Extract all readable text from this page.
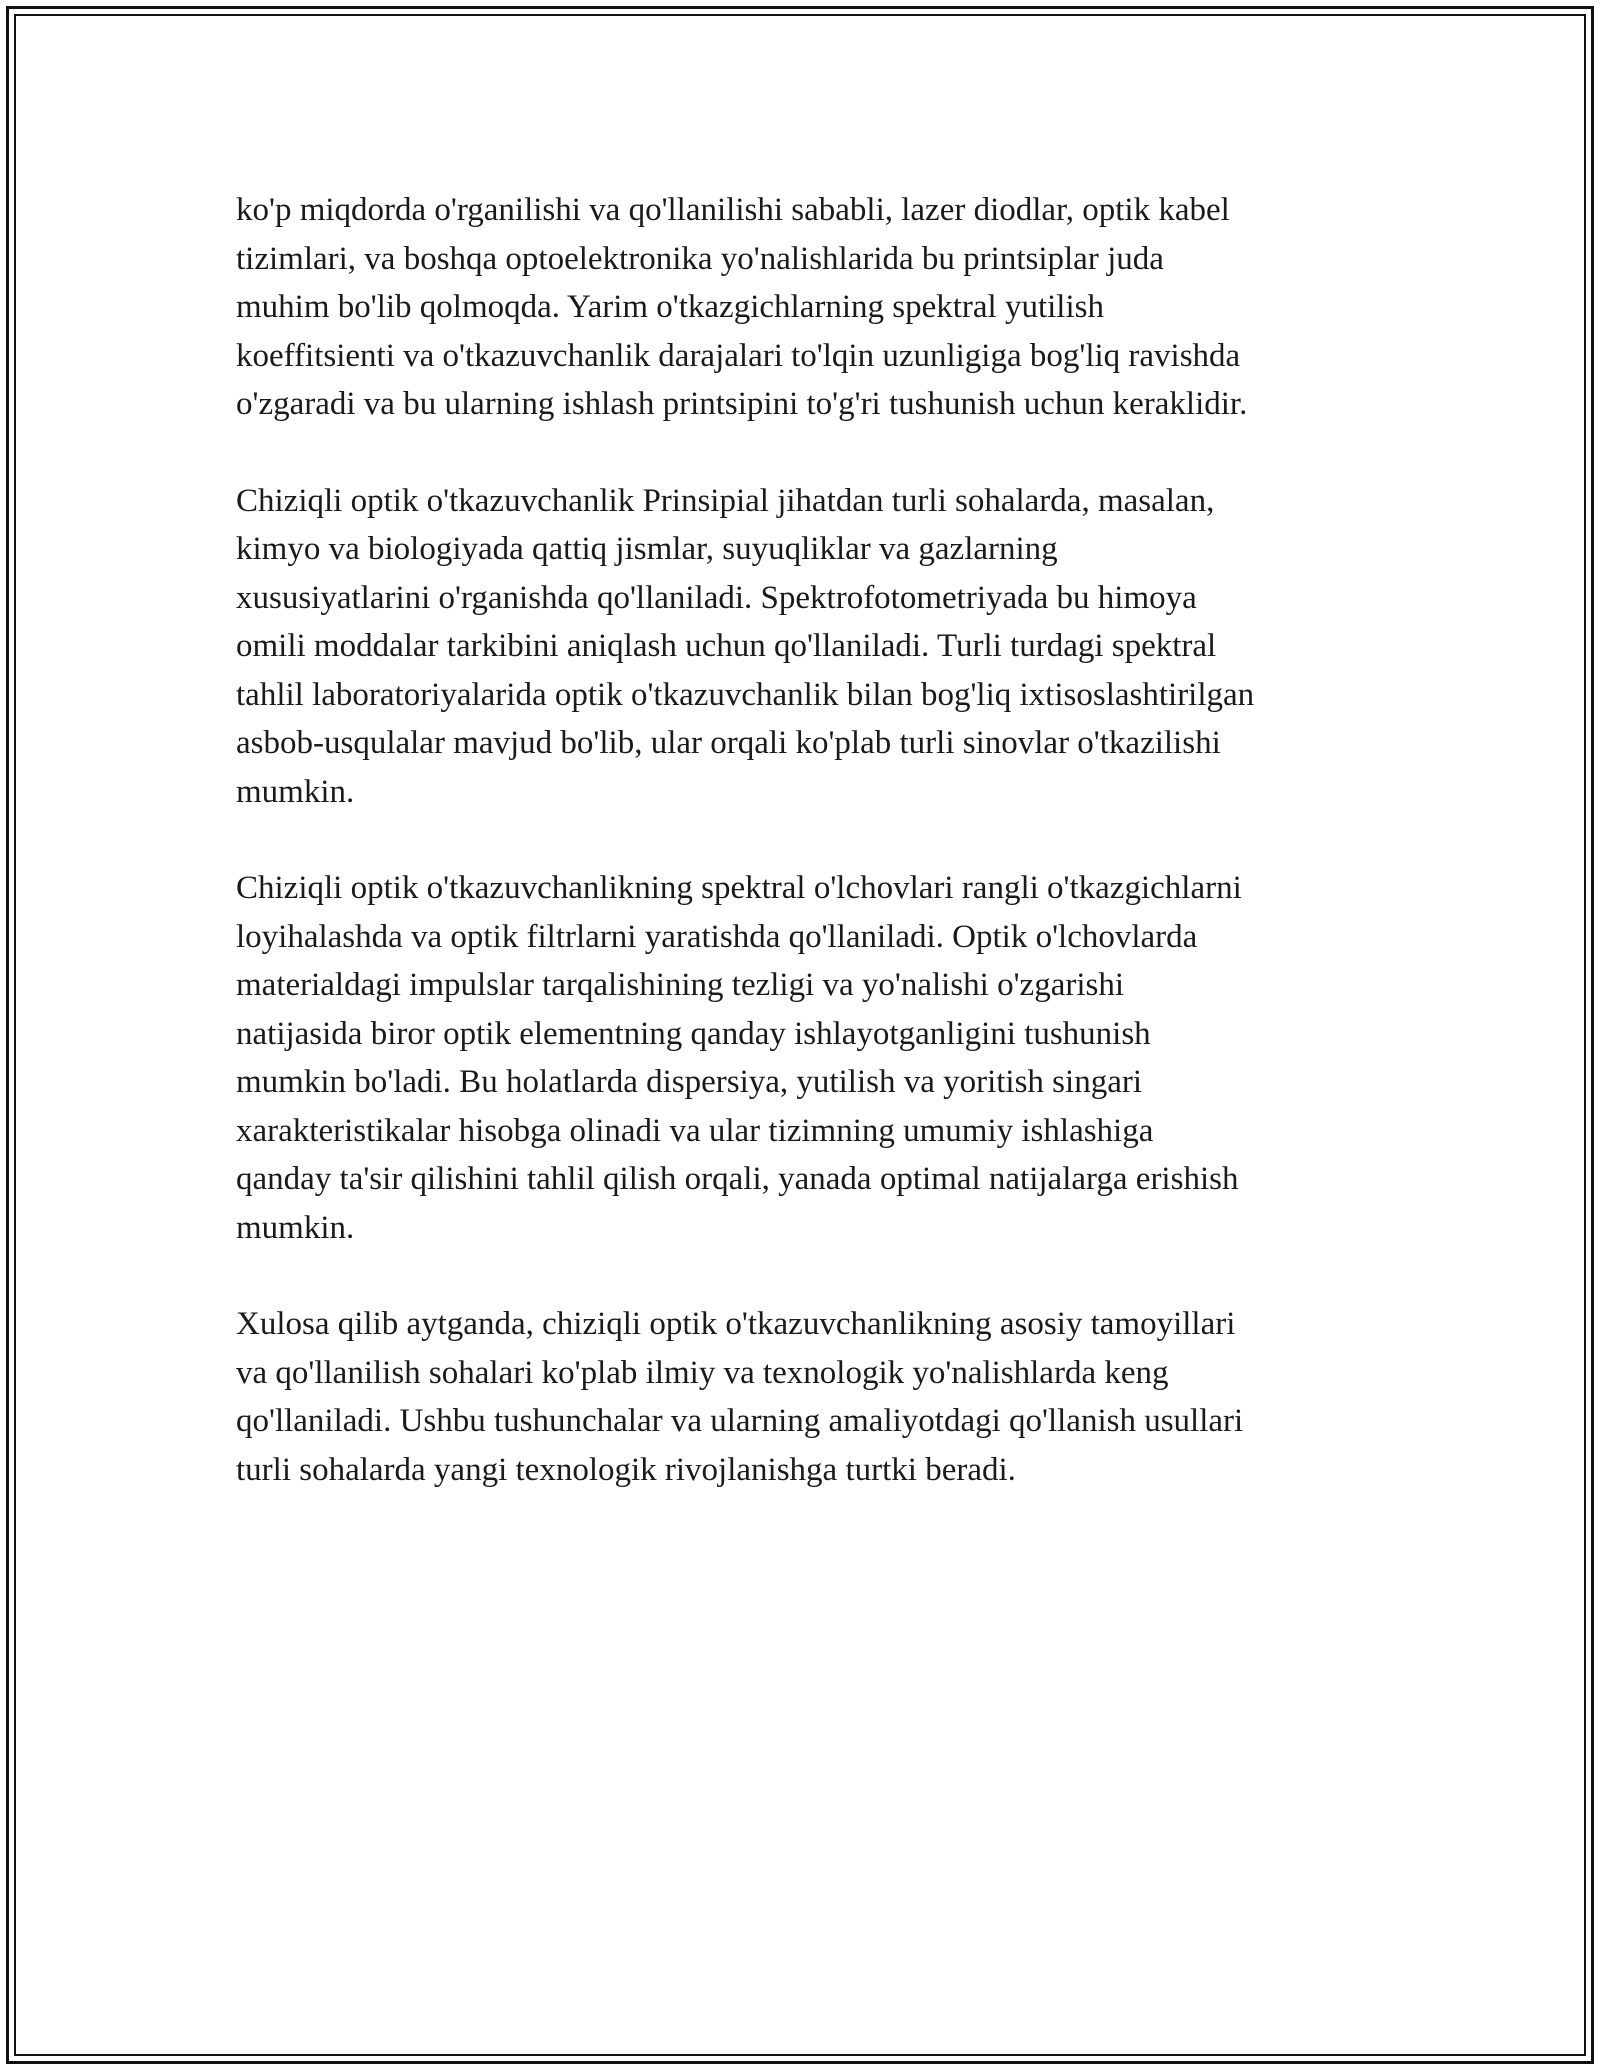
ko'p miqdorda o'rganilishi va qo'llanilishi sababli, lazer diodlar, optik kabel
tizimlari, va boshqa optoelektronika yo'nalishlarida bu printsiplar juda
muhim bo'lib qolmoqda. Yarim o'tkazgichlarning spektral yutilish
koeffitsienti va o'tkazuvchanlik darajalari to'lqin uzunligiga bog'liq ravishda
o'zgaradi va bu ularning ishlash printsipini to'g'ri tushunish uchun keraklidir.

Chiziqli optik o'tkazuvchanlik Prinsipial jihatdan turli sohalarda, masalan,
kimyo va biologiyada qattiq jismlar, suyuqliklar va gazlarning
xususiyatlarini o'rganishda qo'llaniladi. Spektrofotometriyada bu himoya
omili moddalar tarkibini aniqlash uchun qo'llaniladi. Turli turdagi spektral
tahlil laboratoriyalarida optik o'tkazuvchanlik bilan bog'liq ixtisoslashtirilgan
asbob-usqulalar mavjud bo'lib, ular orqali ko'plab turli sinovlar o'tkazilishi
mumkin.

Chiziqli optik o'tkazuvchanlikning spektral o'lchovlari rangli o'tkazgichlarni
loyihalashda va optik filtrlarni yaratishda qo'llaniladi. Optik o'lchovlarda
materialdagi impulslar tarqalishining tezligi va yo'nalishi o'zgarishi
natijasida biror optik elementning qanday ishlayotganligini tushunish
mumkin bo'ladi. Bu holatlarda dispersiya, yutilish va yoritish singari
xarakteristikalar hisobga olinadi va ular tizimning umumiy ishlashiga
qanday ta'sir qilishini tahlil qilish orqali, yanada optimal natijalarga erishish
mumkin.

Xulosa qilib aytganda, chiziqli optik o'tkazuvchanlikning asosiy tamoyillari
va qo'llanilish sohalari ko'plab ilmiy va texnologik yo'nalishlarda keng
qo'llaniladi. Ushbu tushunchalar va ularning amaliyotdagi qo'llanish usullari
turli sohalarda yangi texnologik rivojlanishga turtki beradi.
